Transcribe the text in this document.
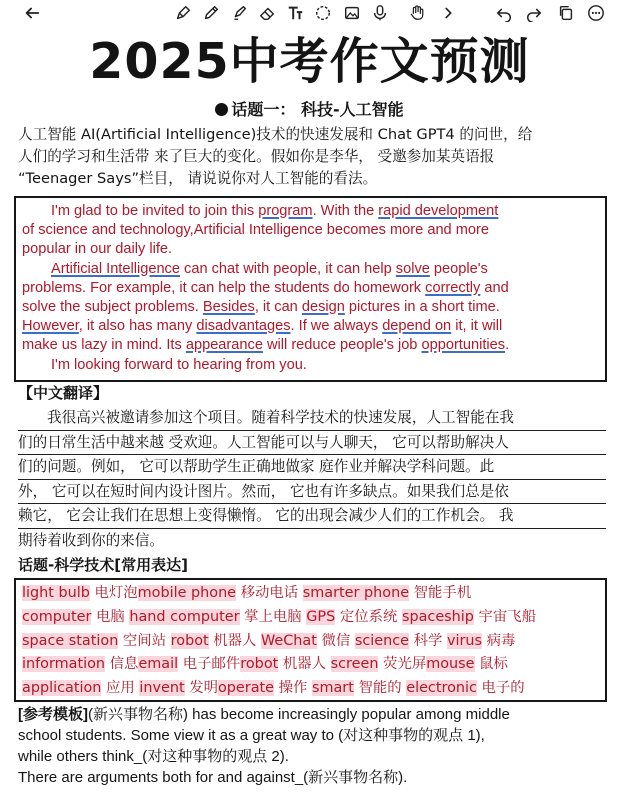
2025中考作文预测
话题一： 科技-人工智能

人工智能 AI(Artificial Intelligence)技术的快速发展和 Chat GPT4 的问世，给

人们的学习和生活带 来了巨大的变化。假如你是李华， 受邀参加某英语报

“Teenager Says”栏目， 请说说你对人工智能的看法。

I'm glad to be invited to join this program. With the rapid development

of science and technology,Artificial Intelligence becomes more and more

popular in our daily life.

Artificial Intelligence can chat with people, it can help solve people's

problems. For example, it can help the students do homework correctly and

solve the subject problems. Besides, it can design pictures in a short time.

However, it also has many disadvantages. If we always depend on it, it will

make us lazy in mind. Its appearance will reduce people's job opportunities.

I'm looking forward to hearing from you.

【中文翻译】

我很高兴被邀请参加这个项目。随着科学技术的快速发展，人工智能在我

们的日常生活中越来越 受欢迎。人工智能可以与人聊天， 它可以帮助解决人

们的问题。例如， 它可以帮助学生正确地做家 庭作业并解决学科问题。此

外， 它可以在短时间内设计图片。然而， 它也有许多缺点。如果我们总是依

赖它， 它会让我们在思想上变得懒惰。 它的出现会减少人们的工作机会。 我

期待着收到你的来信。

话题-科学技术[常用表达]

light bulb 电灯泡mobile phone 移动电话 smarter phone 智能手机

computer 电脑 hand computer 掌上电脑 GPS 定位系统 spaceship 宇宙飞船

space station 空间站 robot 机器人 WeChat 微信 science 科学 virus 病毒

information 信息email 电子邮件robot 机器人 screen 荧光屏mouse 鼠标

application 应用 invent 发明operate 操作 smart 智能的 electronic 电子的

[参考模板](新兴事物名称) has become increasingly popular among middle

school students. Some view it as a great way to (对这种事物的观点 1),

while others think_(对这种事物的观点 2).

There are arguments both for and against_(新兴事物名称).
